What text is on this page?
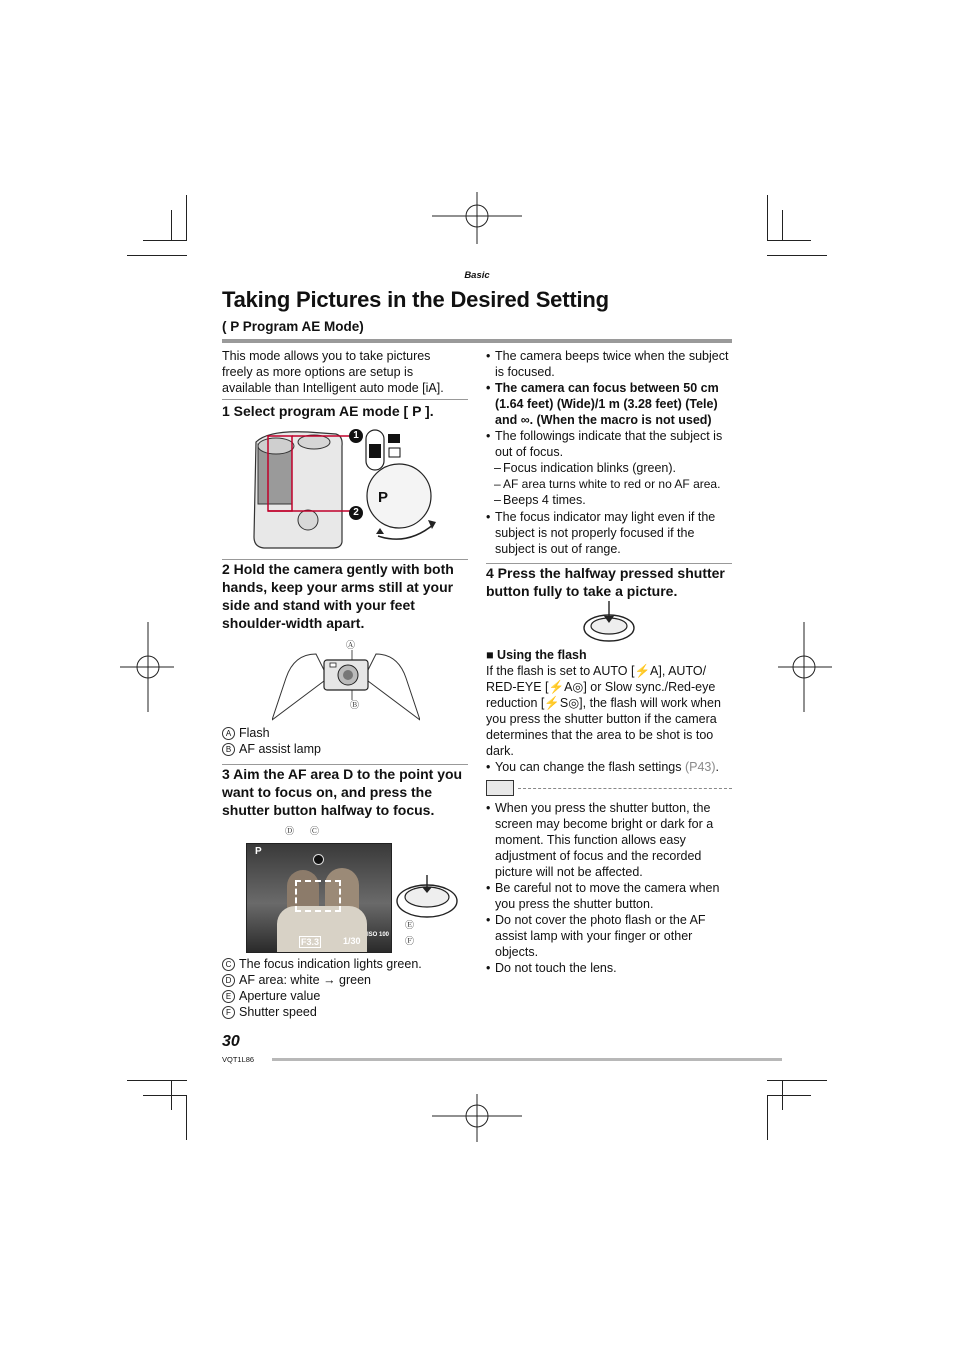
Basic
Taking Pictures in the Desired Setting
( P Program AE Mode)
This mode allows you to take pictures freely as more options are setup is available than Intelligent auto mode [iA].
1 Select program AE mode [ P ].
1
2
P
2 Hold the camera gently with both hands, keep your arms still at your side and stand with your feet shoulder-width apart.
Ⓐ
Ⓑ
A Flash
B AF assist lamp
3 Aim the AF area D to the point you want to focus on, and press the shutter button halfway to focus.
P
F3.3	1/30
ISO 100
Ⓓ Ⓒ
Ⓔ
Ⓕ
C The focus indication lights green.
D AF area: white → green
E Aperture value
F Shutter speed
• The camera beeps twice when the subject is focused.
• The camera can focus between 50 cm (1.64 feet) (Wide)/1 m (3.28 feet) (Tele) and ∞. (When the macro is not used)
• The followings indicate that the subject is out of focus.
– Focus indication blinks (green).
– AF area turns white to red or no AF area.
– Beeps 4 times.
• The focus indicator may light even if the subject is not properly focused if the subject is out of range.
4 Press the halfway pressed shutter button fully to take a picture.
■ Using the flash
If the flash is set to AUTO [⚡A], AUTO/ RED-EYE [⚡A◎] or Slow sync./Red-eye reduction [⚡S◎], the flash will work when you press the shutter button if the camera determines that the area to be shot is too dark.
• You can change the flash settings (P43).
• When you press the shutter button, the screen may become bright or dark for a moment. This function allows easy adjustment of focus and the recorded picture will not be affected.
• Be careful not to move the camera when you press the shutter button.
• Do not cover the photo flash or the AF assist lamp with your finger or other objects.
• Do not touch the lens.
30
VQT1L86
